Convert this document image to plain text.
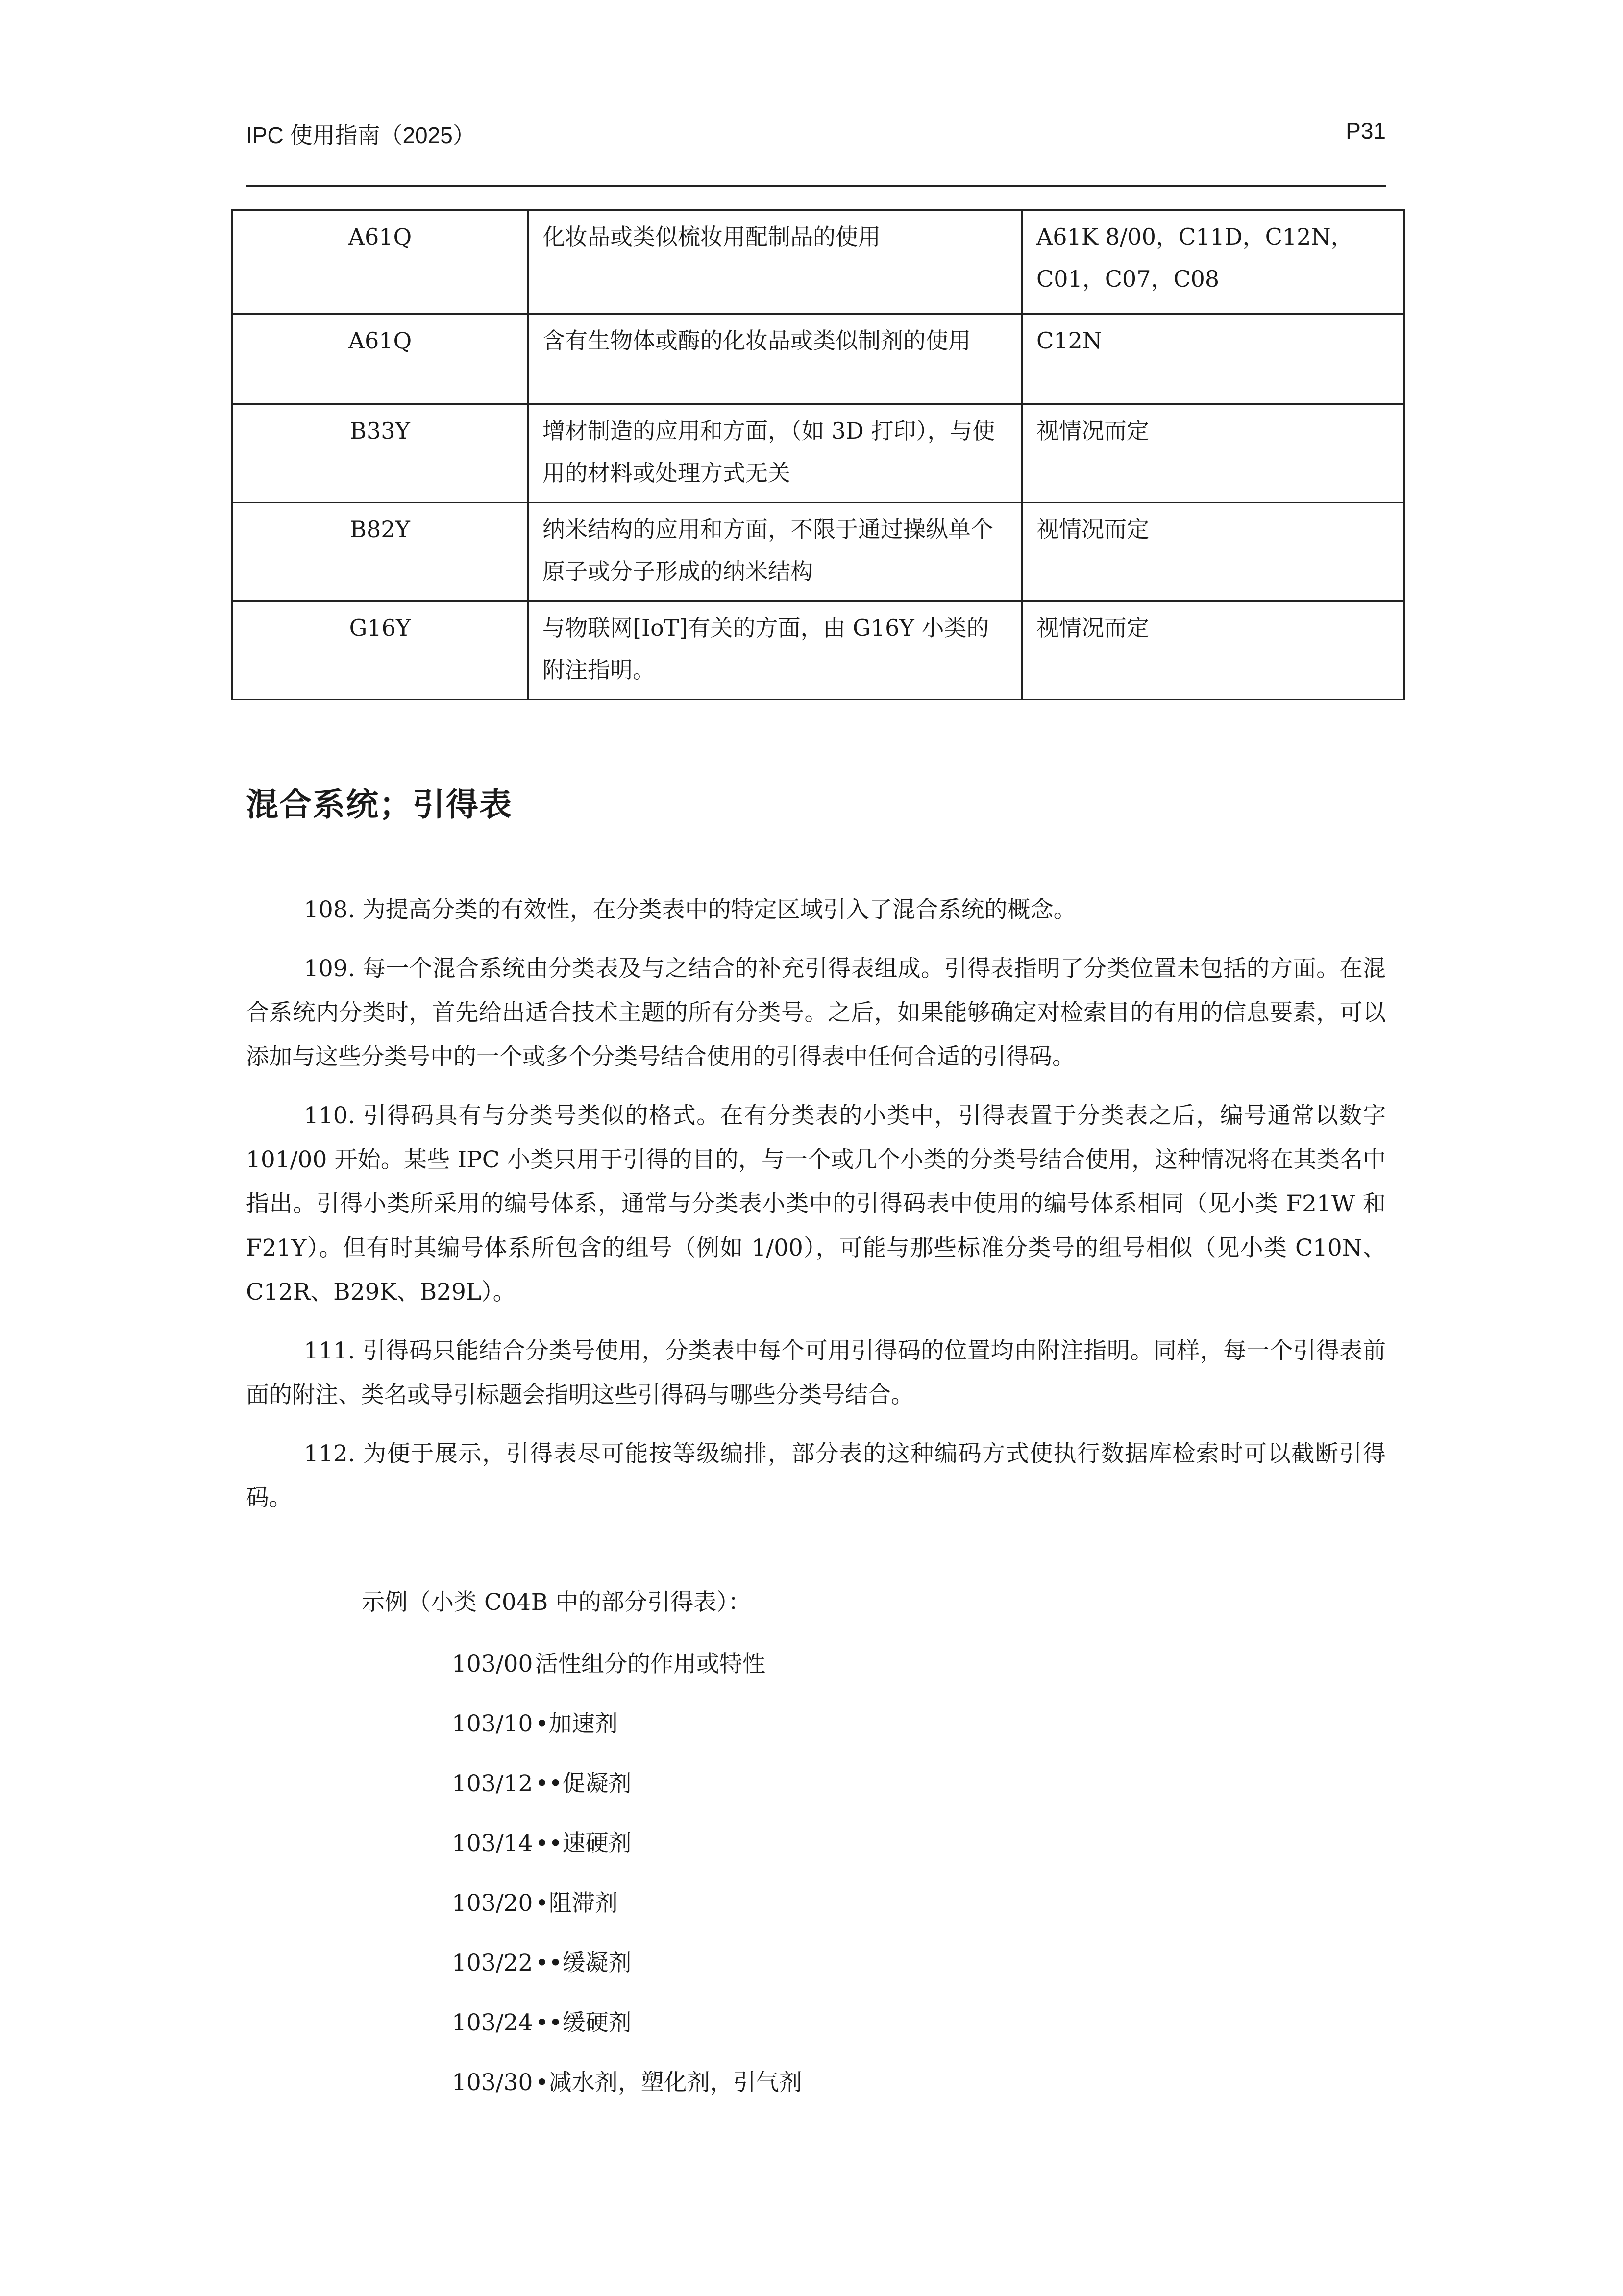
IPC 使用指南（2025）	P31
A61Q	化妆品或类似梳妆用配制品的使用	A61K 8/00，C11D，C12N，C01，C07，C08
A61Q	含有生物体或酶的化妆品或类似制剂的使用	C12N
B33Y	增材制造的应用和方面，（如 3D 打印），与使用的材料或处理方式无关	视情况而定
B82Y	纳米结构的应用和方面，不限于通过操纵单个原子或分子形成的纳米结构	视情况而定
G16Y	与物联网[IoT]有关的方面，由 G16Y 小类的附注指明。	视情况而定
混合系统；引得表

108. 为提高分类的有效性，在分类表中的特定区域引入了混合系统的概念。

109. 每一个混合系统由分类表及与之结合的补充引得表组成。引得表指明了分类位置未包括的方面。在混合系统内分类时，首先给出适合技术主题的所有分类号。之后，如果能够确定对检索目的有用的信息要素，可以添加与这些分类号中的一个或多个分类号结合使用的引得表中任何合适的引得码。

110. 引得码具有与分类号类似的格式。在有分类表的小类中，引得表置于分类表之后，编号通常以数字 101/00 开始。某些 IPC 小类只用于引得的目的，与一个或几个小类的分类号结合使用，这种情况将在其类名中指出。引得小类所采用的编号体系，通常与分类表小类中的引得码表中使用的编号体系相同（见小类 F21W 和 F21Y）。但有时其编号体系所包含的组号（例如 1/00），可能与那些标准分类号的组号相似（见小类 C10N、C12R、B29K、B29L）。

111. 引得码只能结合分类号使用，分类表中每个可用引得码的位置均由附注指明。同样，每一个引得表前面的附注、类名或导引标题会指明这些引得码与哪些分类号结合。

112. 为便于展示，引得表尽可能按等级编排，部分表的这种编码方式使执行数据库检索时可以截断引得码。

示例（小类 C04B 中的部分引得表）：
103/00活性组分的作用或特性
103/10•加速剂
103/12••促凝剂
103/14••速硬剂
103/20•阻滞剂
103/22••缓凝剂
103/24••缓硬剂
103/30•减水剂，塑化剂，引气剂
